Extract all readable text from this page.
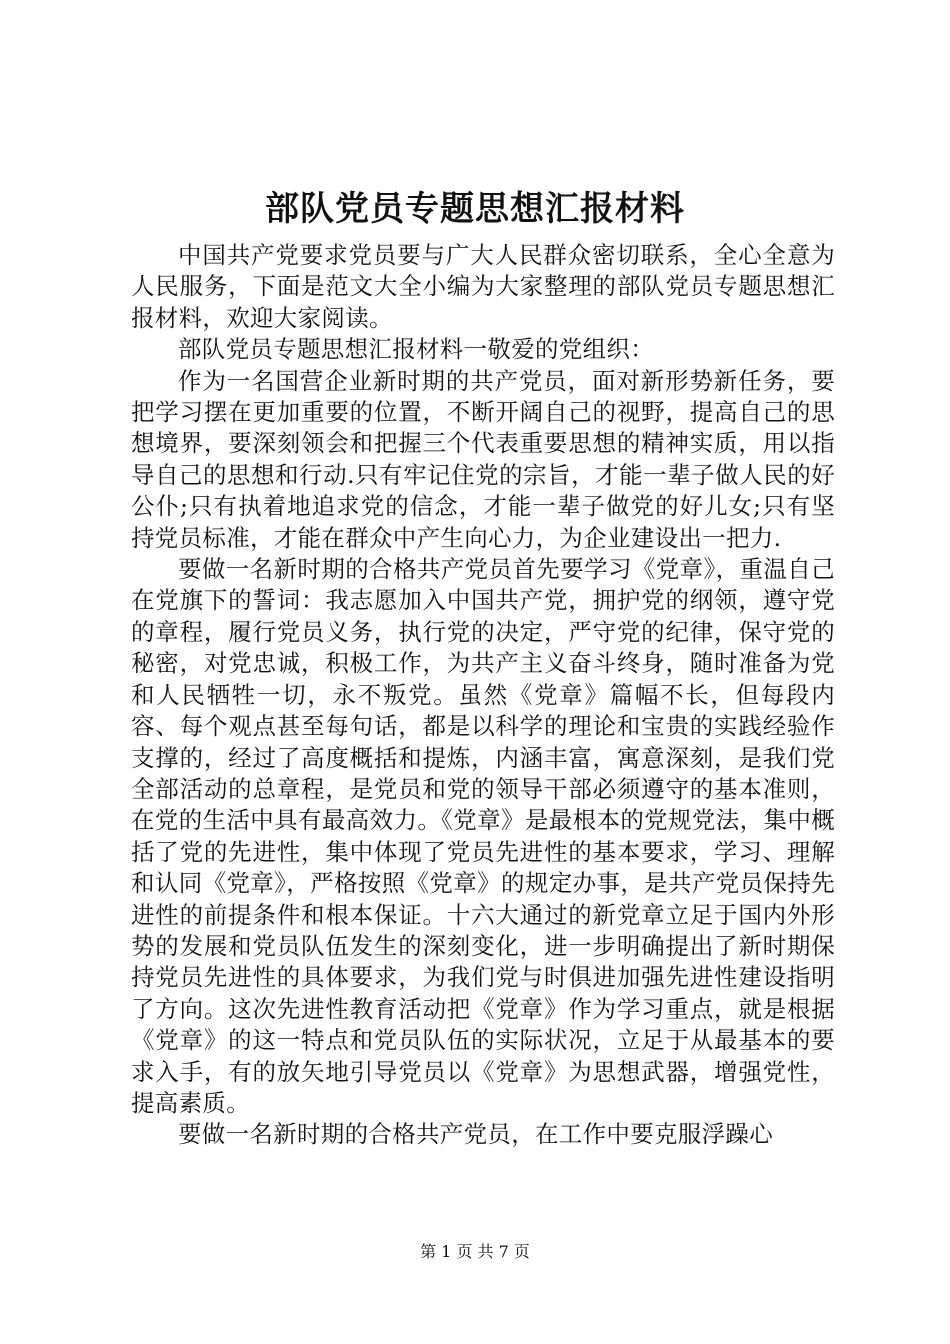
部队党员专题思想汇报材料

中国共产党要求党员要与广大人民群众密切联系，全心全意为人民服务，下面是范文大全小编为大家整理的部队党员专题思想汇报材料，欢迎大家阅读。

部队党员专题思想汇报材料一敬爱的党组织：

作为一名国营企业新时期的共产党员，面对新形势新任务，要把学习摆在更加重要的位置，不断开阔自己的视野，提高自己的思想境界，要深刻领会和把握三个代表重要思想的精神实质，用以指导自己的思想和行动.只有牢记住党的宗旨，才能一辈子做人民的好公仆;只有执着地追求党的信念，才能一辈子做党的好儿女;只有坚持党员标准，才能在群众中产生向心力，为企业建设出一把力.

要做一名新时期的合格共产党员首先要学习《党章》，重温自己在党旗下的誓词：我志愿加入中国共产党，拥护党的纲领，遵守党的章程，履行党员义务，执行党的决定，严守党的纪律，保守党的秘密，对党忠诚，积极工作，为共产主义奋斗终身，随时准备为党和人民牺牲一切，永不叛党。虽然《党章》篇幅不长，但每段内容、每个观点甚至每句话，都是以科学的理论和宝贵的实践经验作支撑的，经过了高度概括和提炼，内涵丰富，寓意深刻，是我们党全部活动的总章程，是党员和党的领导干部必须遵守的基本准则，在党的生活中具有最高效力。《党章》是最根本的党规党法，集中概括了党的先进性，集中体现了党员先进性的基本要求，学习、理解和认同《党章》，严格按照《党章》的规定办事，是共产党员保持先进性的前提条件和根本保证。十六大通过的新党章立足于国内外形势的发展和党员队伍发生的深刻变化，进一步明确提出了新时期保持党员先进性的具体要求，为我们党与时俱进加强先进性建设指明了方向。这次先进性教育活动把《党章》作为学习重点，就是根据《党章》的这一特点和党员队伍的实际状况，立足于从最基本的要求入手，有的放矢地引导党员以《党章》为思想武器，增强党性，提高素质。

要做一名新时期的合格共产党员，在工作中要克服浮躁心

第 1 页 共 7 页
